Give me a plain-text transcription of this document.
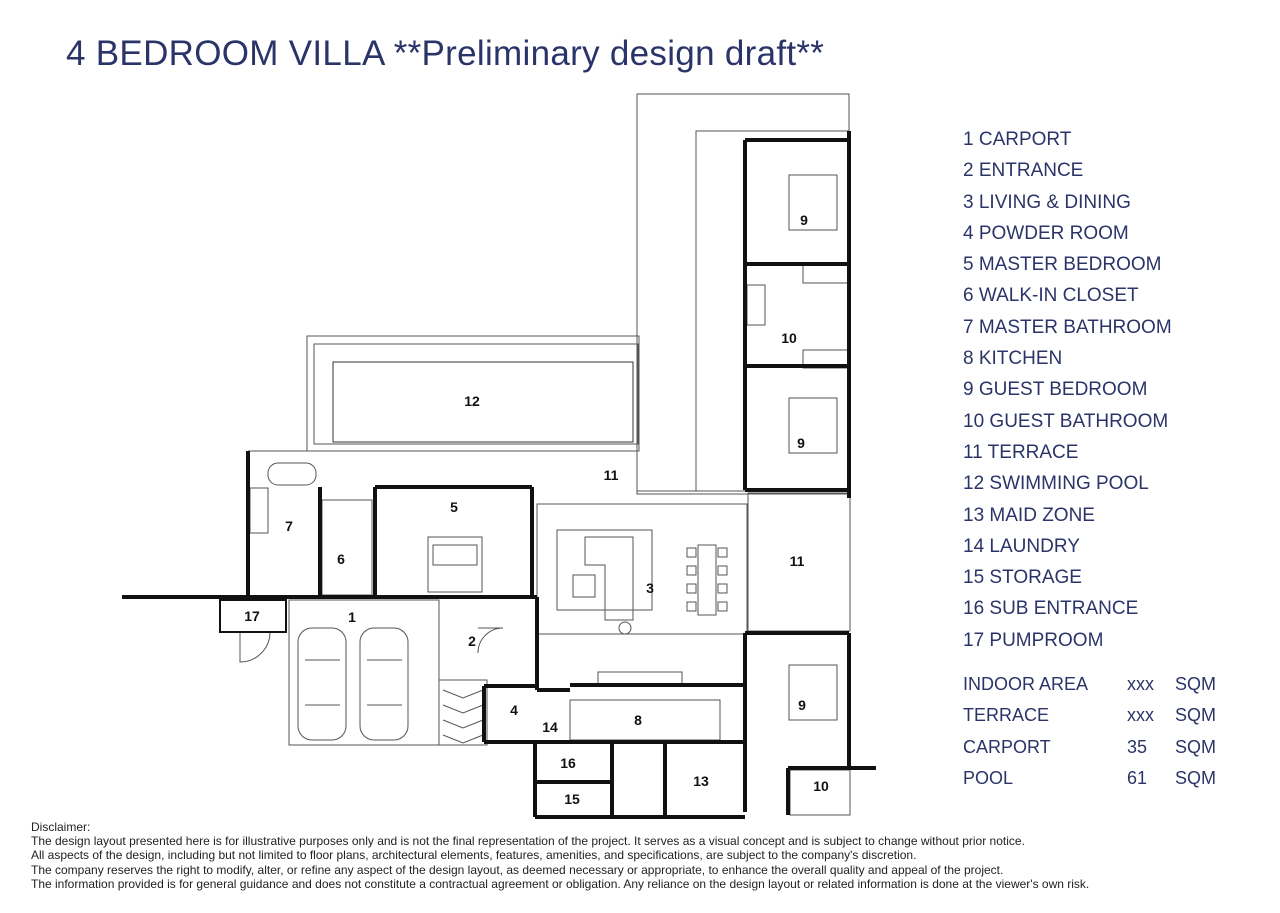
4 BEDROOM VILLA **Preliminary design draft**
1
2
3
4
5
6
7
8
9
9
9
10
10
11
11
12
13
14
15
16
17
1 CARPORT
2 ENTRANCE
3 LIVING & DINING
4 POWDER ROOM
5 MASTER BEDROOM
6 WALK-IN CLOSET
7 MASTER BATHROOM
8 KITCHEN
9 GUEST BEDROOM
10 GUEST BATHROOM
11 TERRACE
12 SWIMMING POOL
13 MAID ZONE
14 LAUNDRY
15 STORAGE
16 SUB ENTRANCE
17 PUMPROOM
INDOOR AREA	xxx	SQM
TERRACE	xxx	SQM
CARPORT	35	SQM
POOL	61	SQM

Disclaimer:

The design layout presented here is for illustrative purposes only and is not the final representation of the project. It serves as a visual concept and is subject to change without prior notice.

All aspects of the design, including but not limited to floor plans, architectural elements, features, amenities, and specifications, are subject to the company's discretion.

The company reserves the right to modify, alter, or refine any aspect of the design layout, as deemed necessary or appropriate, to enhance the overall quality and appeal of the project.

The information provided is for general guidance and does not constitute a contractual agreement or obligation. Any reliance on the design layout or related information is done at the viewer's own risk.
